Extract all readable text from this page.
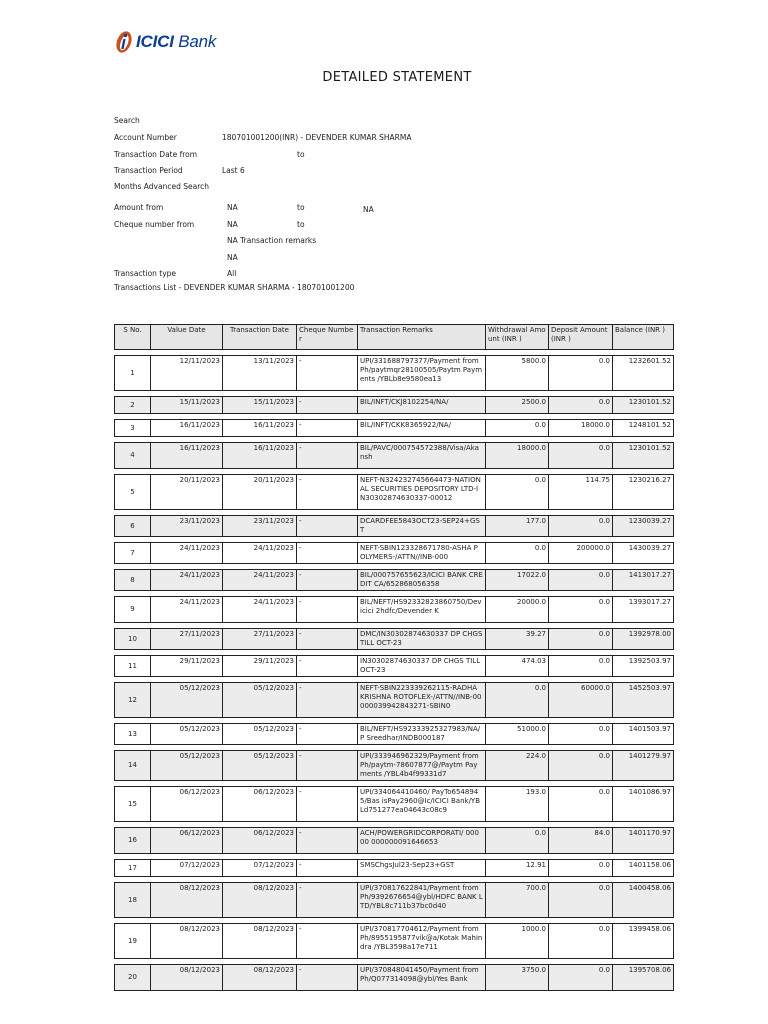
ICICI Bank
DETAILED STATEMENT
Search
Account Number	180701001200(INR) - DEVENDER KUMAR SHARMA
Transaction Date from	to
Transaction Period	Last 6
Months Advanced Search
Amount from	NA	to	NA
Cheque number from	NA	to
NA Transaction remarks
NA
Transaction type	All
Transactions List - DEVENDER KUMAR SHARMA - 180701001200
S No.	Value Date	Transaction Date	Cheque Number	Transaction Remarks	Withdrawal Amount (INR )	Deposit Amount (INR )	Balance (INR )
1	12/11/2023	13/11/2023	-	UPI/331688797377/Payment from Ph/paytmqr28100505/Paytm Payments /YBLb8e9580ea13	5800.0	0.0	1232601.52
2	15/11/2023	15/11/2023	-	BIL/INFT/CKJ8102254/NA/	2500.0	0.0	1230101.52
3	16/11/2023	16/11/2023	-	BIL/INFT/CKK8365922/NA/	0.0	18000.0	1248101.52
4	16/11/2023	16/11/2023	-	BIL/PAVC/000754572388/Visa/Akansh	18000.0	0.0	1230101.52
5	20/11/2023	20/11/2023	-	NEFT-N324232745664473-NATIONAL SECURITIES DEPOSITORY LTD-IN30302874630337-00012	0.0	114.75	1230216.27
6	23/11/2023	23/11/2023	-	DCARDFEE5843OCT23-SEP24+GST	177.0	0.0	1230039.27
7	24/11/2023	24/11/2023	-	NEFT-SBIN123328671780-ASHA POLYMERS-/ATTN//INB-000	0.0	200000.0	1430039.27
8	24/11/2023	24/11/2023	-	BIL/000757655623/ICICI BANK CREDIT CA/652868056358	17022.0	0.0	1413017.27
9	24/11/2023	24/11/2023	-	BIL/NEFT/HS92332823860750/Devicici 2hdfc/Devender K	20000.0	0.0	1393017.27
10	27/11/2023	27/11/2023	-	DMC/IN30302874630337 DP CHGS TILL OCT-23	39.27	0.0	1392978.00
11	29/11/2023	29/11/2023	-	IN30302874630337 DP CHGS TILL OCT-23	474.03	0.0	1392503.97
12	05/12/2023	05/12/2023	-	NEFT-SBIN223339262115-RADHA KRISHNA ROTOFLEX-/ATTN//INB-00000039942843271-SBIN0	0.0	60000.0	1452503.97
13	05/12/2023	05/12/2023	-	BIL/NEFT/HS92333925327983/NA/P Sreedhar/INDB000187	51000.0	0.0	1401503.97
14	05/12/2023	05/12/2023	-	UPI/333946962329/Payment from Ph/paytm-78607877@/Paytm Payments /YBL4b4f99331d7	224.0	0.0	1401279.97
15	06/12/2023	06/12/2023	-	UPI/334064410460/ PayTo6548945/Bas isPay2960@Ic/ICICI Bank/YBLd751277ea04643c08c9	193.0	0.0	1401086.97
16	06/12/2023	06/12/2023	-	ACH/POWERGRIDCORPORATI/ 00000 000000091646653	0.0	84.0	1401170.97
17	07/12/2023	07/12/2023	-	SMSChgsJul23-Sep23+GST	12.91	0.0	1401158.06
18	08/12/2023	08/12/2023	-	UPI/370817622841/Payment from Ph/9392676654@ybl/HDFC BANK LTD/YBL8c711b37bc0d40	700.0	0.0	1400458.06
19	08/12/2023	08/12/2023	-	UPI/370817704612/Payment from Ph/8955195877vik@a/Kotak Mahindra /YBL3598a17e711	1000.0	0.0	1399458.06
20	08/12/2023	08/12/2023	-	UPI/370848041450/Payment from Ph/Q077314098@ybl/Yes Bank	3750.0	0.0	1395708.06
